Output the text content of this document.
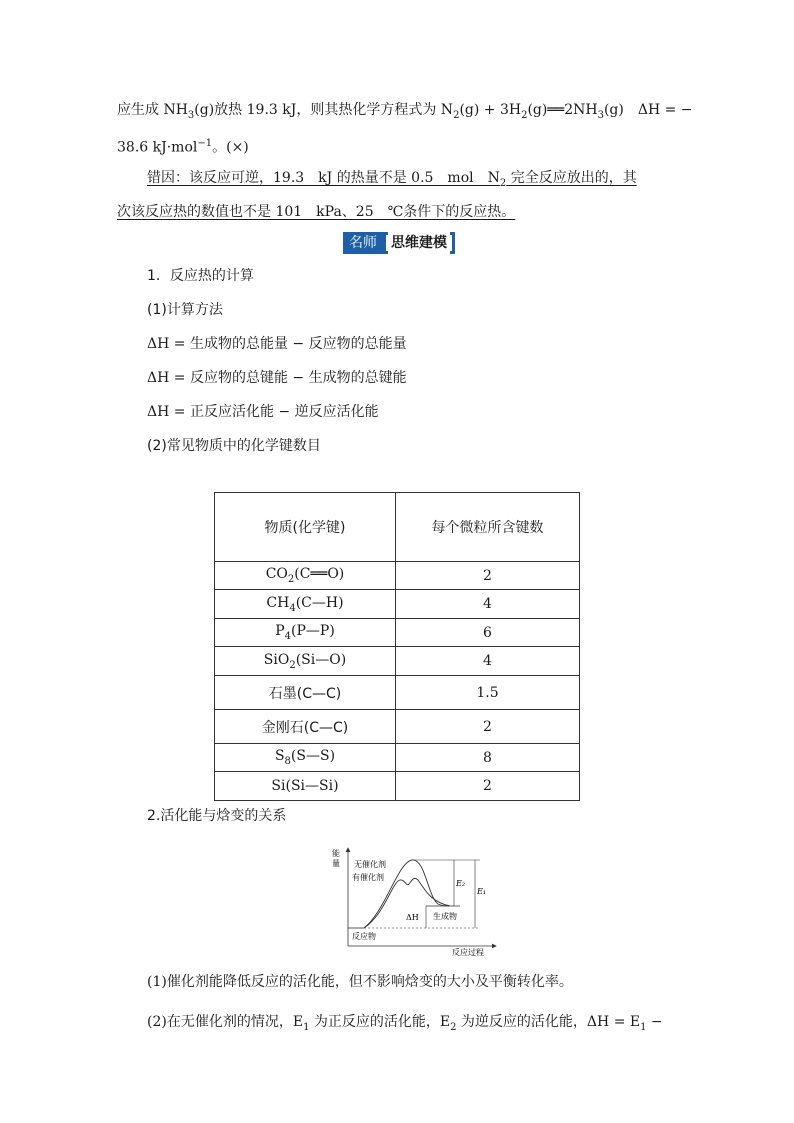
应生成 $NH_3(g)$放热 19.3 kJ，则其热化学方程式为 $N_2(g)$ + $3H_2(g)══2NH_3(g)$　ΔH = −
38.6 kJ·mol$^{-1}$。(×)
错因：该反应可逆，19.3　kJ 的热量不是 0.5　mol　$N_2$ 完全反应放出的，其
次该反应热的数值也不是 101　kPa、25　℃条件下的反应热。
名师	思维建模
1．反应热的计算
(1)计算方法
ΔH = 生成物的总能量 − 反应物的总能量
ΔH = 反应物的总键能 − 生成物的总键能
ΔH = 正反应活化能 − 逆反应活化能
(2)常见物质中的化学键数目
物质(化学键)	每个微粒所含键数
$CO_2(C══O)$	2
$CH_4(C—H)$	4
$P_4(P—P)$	6
SiO$_2$(Si—O)	4
石墨(C—C)	1.5
金刚石(C—C)	2
$S_8(S—S)$	8
Si(Si—Si)	2
2.活化能与焓变的关系
能
量
反应过程
无催化剂
有催化剂
反应物
生成物
E₂
E₁
ΔH
(1)催化剂能降低反应的活化能，但不影响焓变的大小及平衡转化率。
(2)在无催化剂的情况，$E_1$ 为正反应的活化能，$E_2$ 为逆反应的活化能，$\Delta H = E_1$ −
